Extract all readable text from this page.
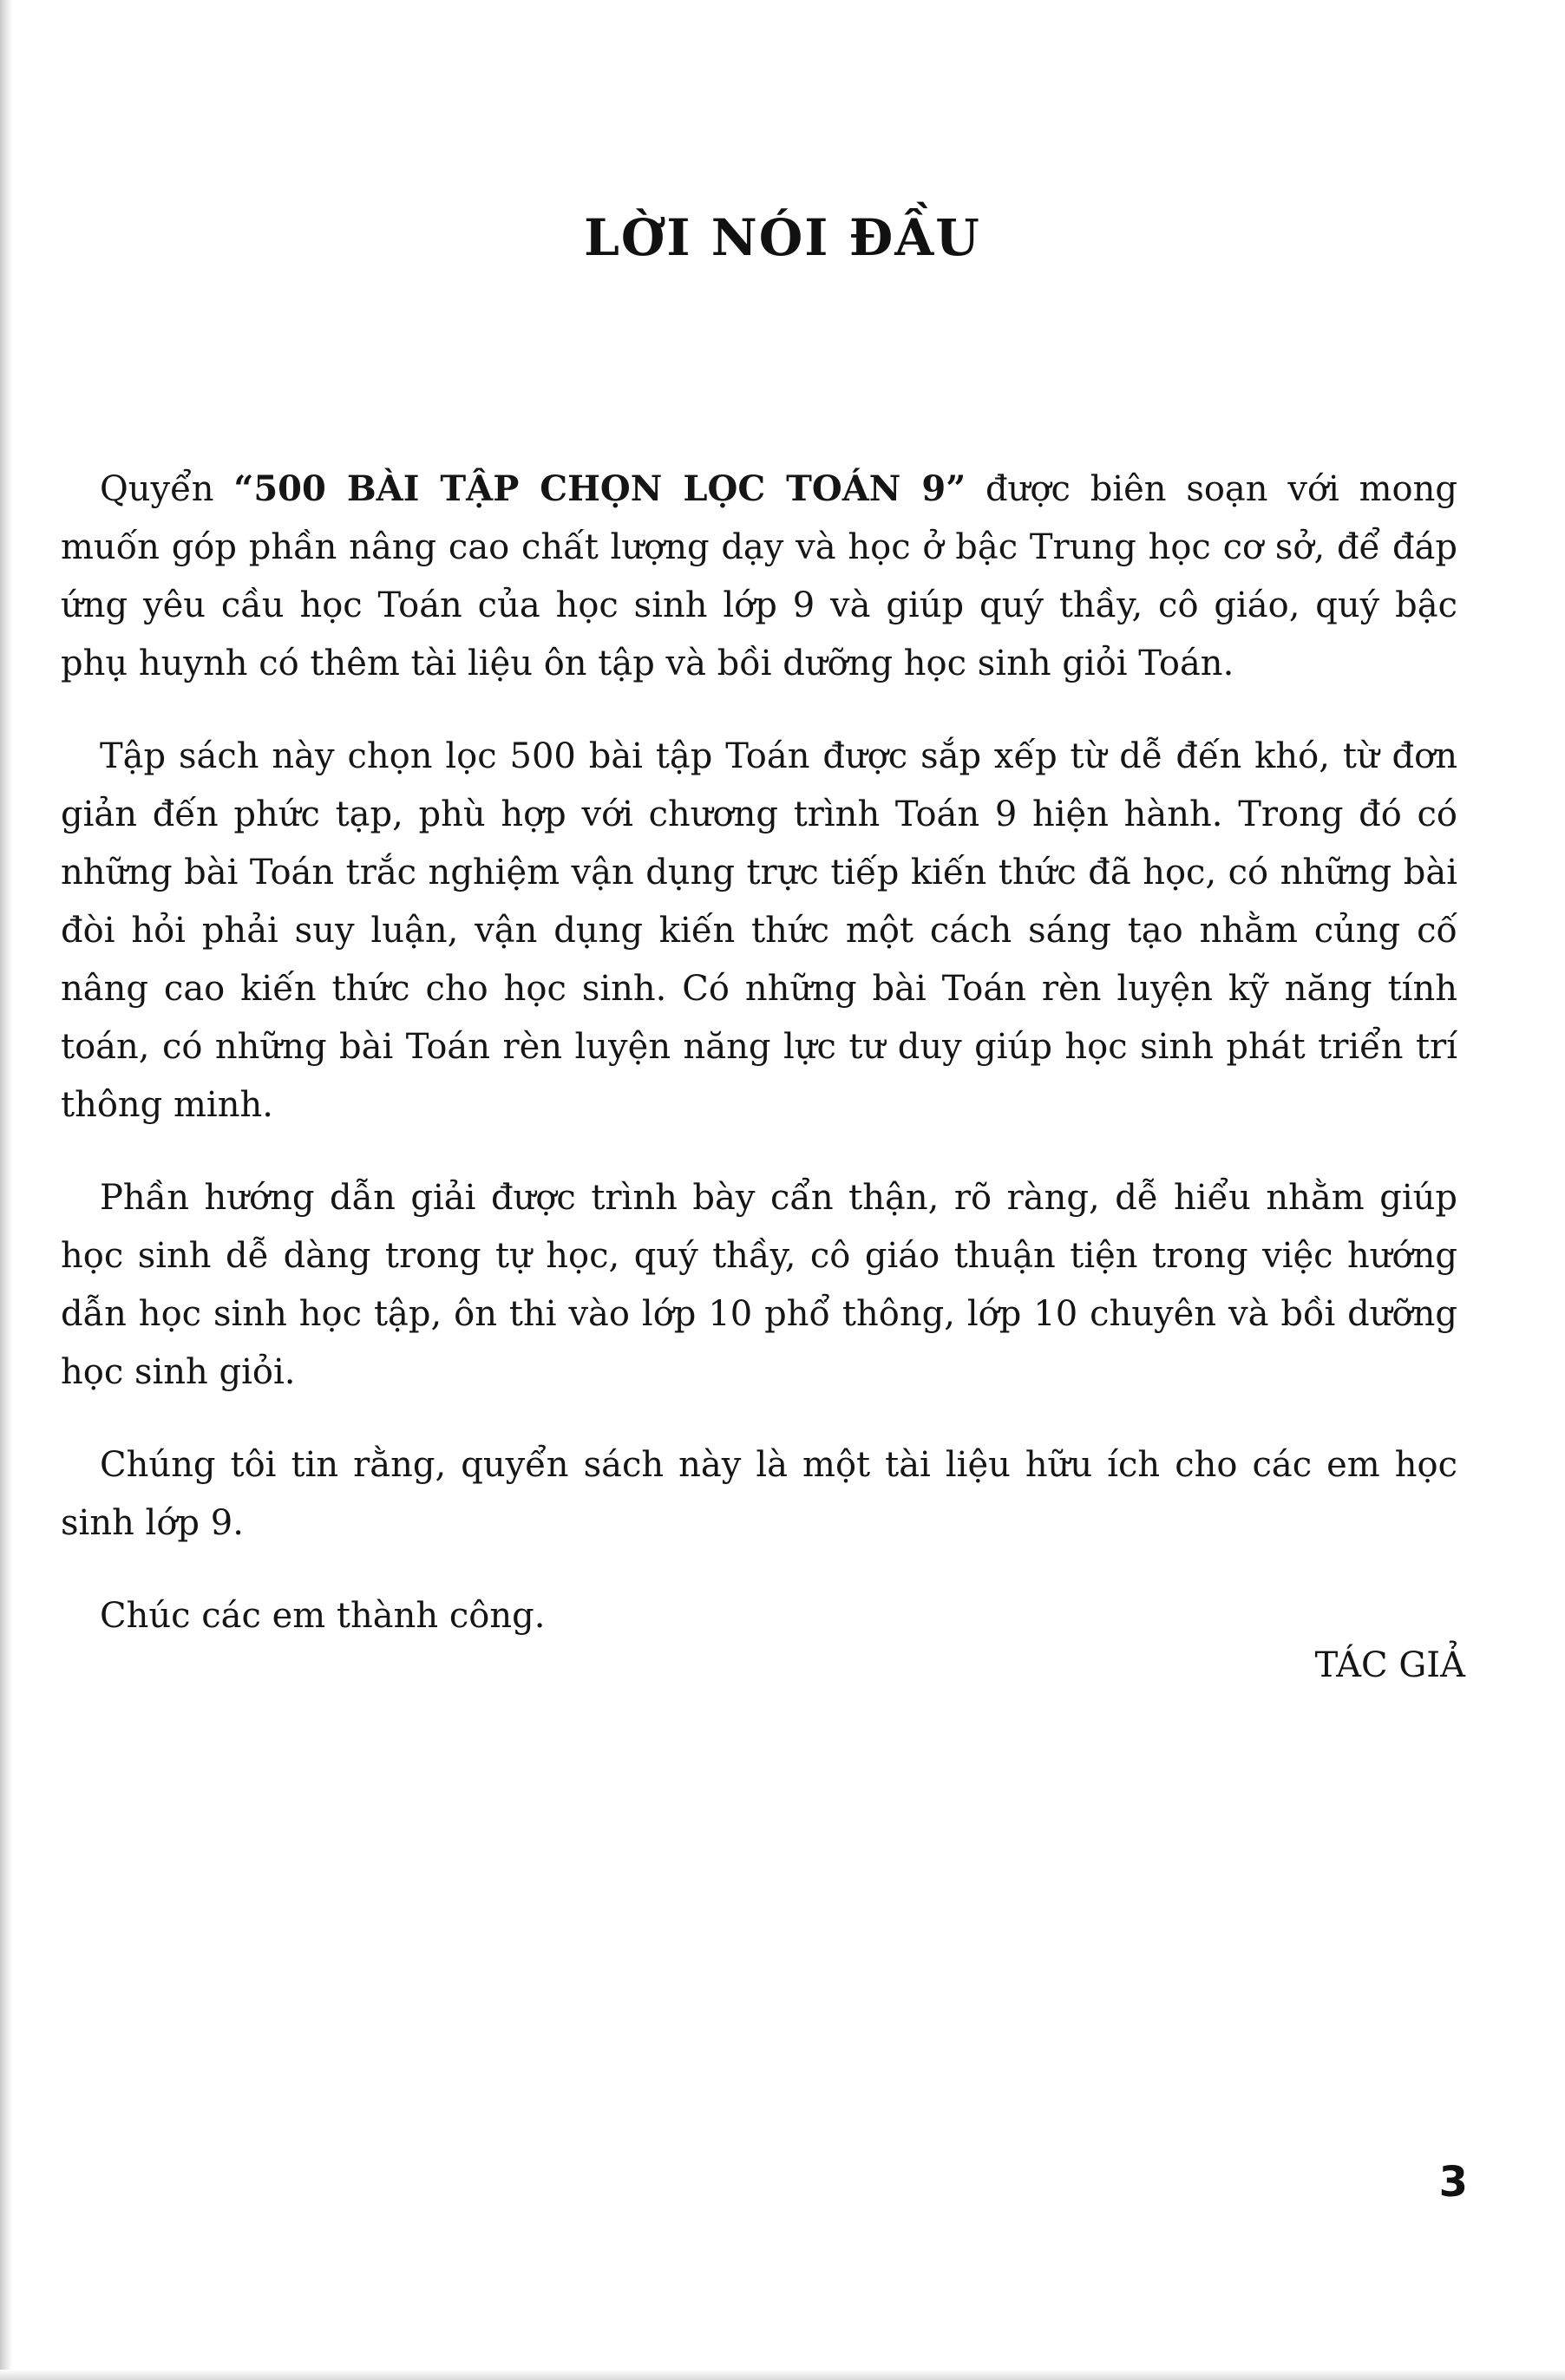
LỜI NÓI ĐẦU

Quyển “500 BÀI TẬP CHỌN LỌC TOÁN 9” được biên soạn với mong muốn góp phần nâng cao chất lượng dạy và học ở bậc Trung học cơ sở, để đáp ứng yêu cầu học Toán của học sinh lớp 9 và giúp quý thầy, cô giáo, quý bậc phụ huynh có thêm tài liệu ôn tập và bồi dưỡng học sinh giỏi Toán.

Tập sách này chọn lọc 500 bài tập Toán được sắp xếp từ dễ đến khó, từ đơn giản đến phức tạp, phù hợp với chương trình Toán 9 hiện hành. Trong đó có những bài Toán trắc nghiệm vận dụng trực tiếp kiến thức đã học, có những bài đòi hỏi phải suy luận, vận dụng kiến thức một cách sáng tạo nhằm củng cố nâng cao kiến thức cho học sinh. Có những bài Toán rèn luyện kỹ năng tính toán, có những bài Toán rèn luyện năng lực tư duy giúp học sinh phát triển trí thông minh.

Phần hướng dẫn giải được trình bày cẩn thận, rõ ràng, dễ hiểu nhằm giúp học sinh dễ dàng trong tự học, quý thầy, cô giáo thuận tiện trong việc hướng dẫn học sinh học tập, ôn thi vào lớp 10 phổ thông, lớp 10 chuyên và bồi dưỡng học sinh giỏi.

Chúng tôi tin rằng, quyển sách này là một tài liệu hữu ích cho các em học sinh lớp 9.

Chúc các em thành công.

TÁC GIẢ
3
